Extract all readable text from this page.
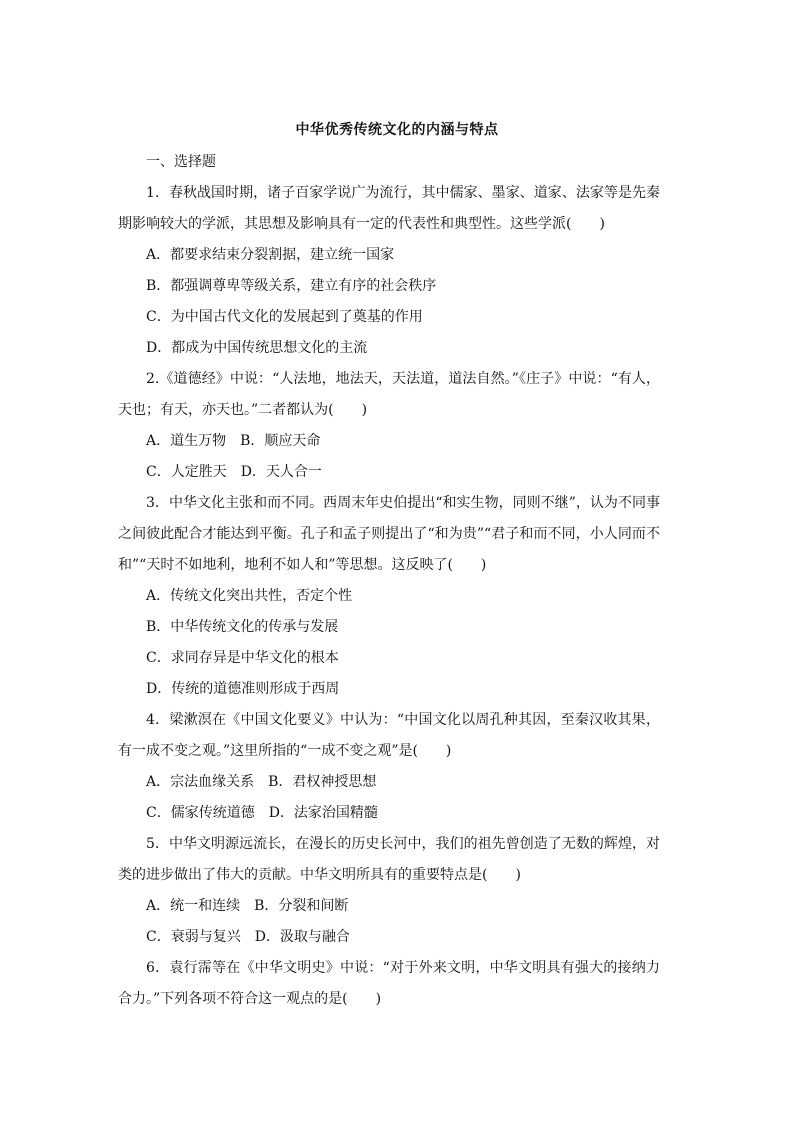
中华优秀传统文化的内涵与特点
一、选择题
1．春秋战国时期，诸子百家学说广为流行，其中儒家、墨家、道家、法家等是先秦
期影响较大的学派，其思想及影响具有一定的代表性和典型性。这些学派(　　)
A．都要求结束分裂割据，建立统一国家
B．都强调尊卑等级关系，建立有序的社会秩序
C．为中国古代文化的发展起到了奠基的作用
D．都成为中国传统思想文化的主流
2.《道德经》中说：“人法地，地法天，天法道，道法自然。”《庄子》中说：“有人，
天也；有天，亦天也。”二者都认为(　　)
A．道生万物　B．顺应天命
C．人定胜天　D．天人合一
3．中华文化主张和而不同。西周末年史伯提出“和实生物，同则不继”，认为不同事
之间彼此配合才能达到平衡。孔子和孟子则提出了“和为贵”“君子和而不同，小人同而不
和”“天时不如地利，地利不如人和”等思想。这反映了(　　)
A．传统文化突出共性，否定个性
B．中华传统文化的传承与发展
C．求同存异是中华文化的根本
D．传统的道德准则形成于西周
4．梁漱溟在《中国文化要义》中认为：“中国文化以周孔种其因，至秦汉收其果，
有一成不变之观。”这里所指的“一成不变之观”是(　　)
A．宗法血缘关系　B．君权神授思想
C．儒家传统道德　D．法家治国精髓
5．中华文明源远流长，在漫长的历史长河中，我们的祖先曾创造了无数的辉煌，对
类的进步做出了伟大的贡献。中华文明所具有的重要特点是(　　)
A．统一和连续　B．分裂和间断
C．衰弱与复兴　D．汲取与融合
6．袁行霈等在《中华文明史》中说：“对于外来文明，中华文明具有强大的接纳力
合力。”下列各项不符合这一观点的是(　　)
